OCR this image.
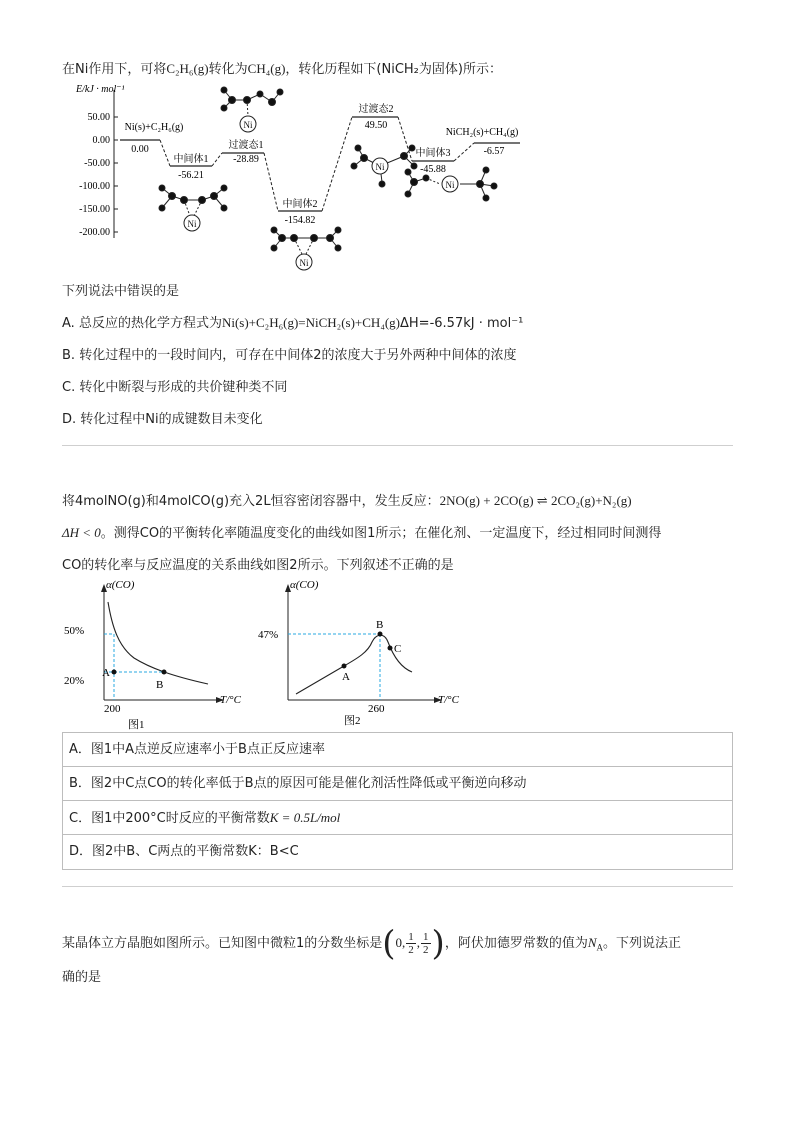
在Ni作用下，可将C₂H₆(g)转化为CH₄(g)，转化历程如下(NiCH₂为固体)所示：
E/kJ · mol⁻¹
50.00
0.00
-50.00
-100.00
-150.00
-200.00
Ni(s)+C₂H₆(g)
0.00
中间体1
-56.21
过渡态1
-28.89
中间体2
-154.82
过渡态2
49.50
中间体3
-45.88
NiCH₂(s)+CH₄(g)
-6.57
Ni
Ni
Ni
Ni
Ni
下列说法中错误的是
A. 总反应的热化学方程式为Ni(s)+C₂H₆(g)=NiCH₂(s)+CH₄(g)ΔH=-6.57kJ · mol⁻¹
B. 转化过程中的一段时间内，可存在中间体2的浓度大于另外两种中间体的浓度
C. 转化中断裂与形成的共价键种类不同
D. 转化过程中Ni的成键数目未变化
将4molNO(g)和4molCO(g)充入2L恒容密闭容器中，发生反应：2NO(g) + 2CO(g) ⇌ 2CO₂(g)+N₂(g)
ΔH < 0。测得CO的平衡转化率随温度变化的曲线如图1所示；在催化剂、一定温度下，经过相同时间测得
CO的转化率与反应温度的关系曲线如图2所示。下列叙述不正确的是
α(CO)
T/°C
50%
20%
200
A
B
图1
α(CO)
T/°C
47%
260
A
B
C
图2
A．图1中A点逆反应速率小于B点正反应速率
B．图2中C点CO的转化率低于B点的原因可能是催化剂活性降低或平衡逆向移动
C．图1中200°C时反应的平衡常数K = 0.5L/mol
D．图2中B、C两点的平衡常数K：B<C
某晶体立方晶胞如图所示。已知图中微粒1的分数坐标是(0, $\frac{1}{2}$ , $\frac{1}{2}$ )，阿伏加德罗常数的值为$N_A$。下列说法正
确的是
